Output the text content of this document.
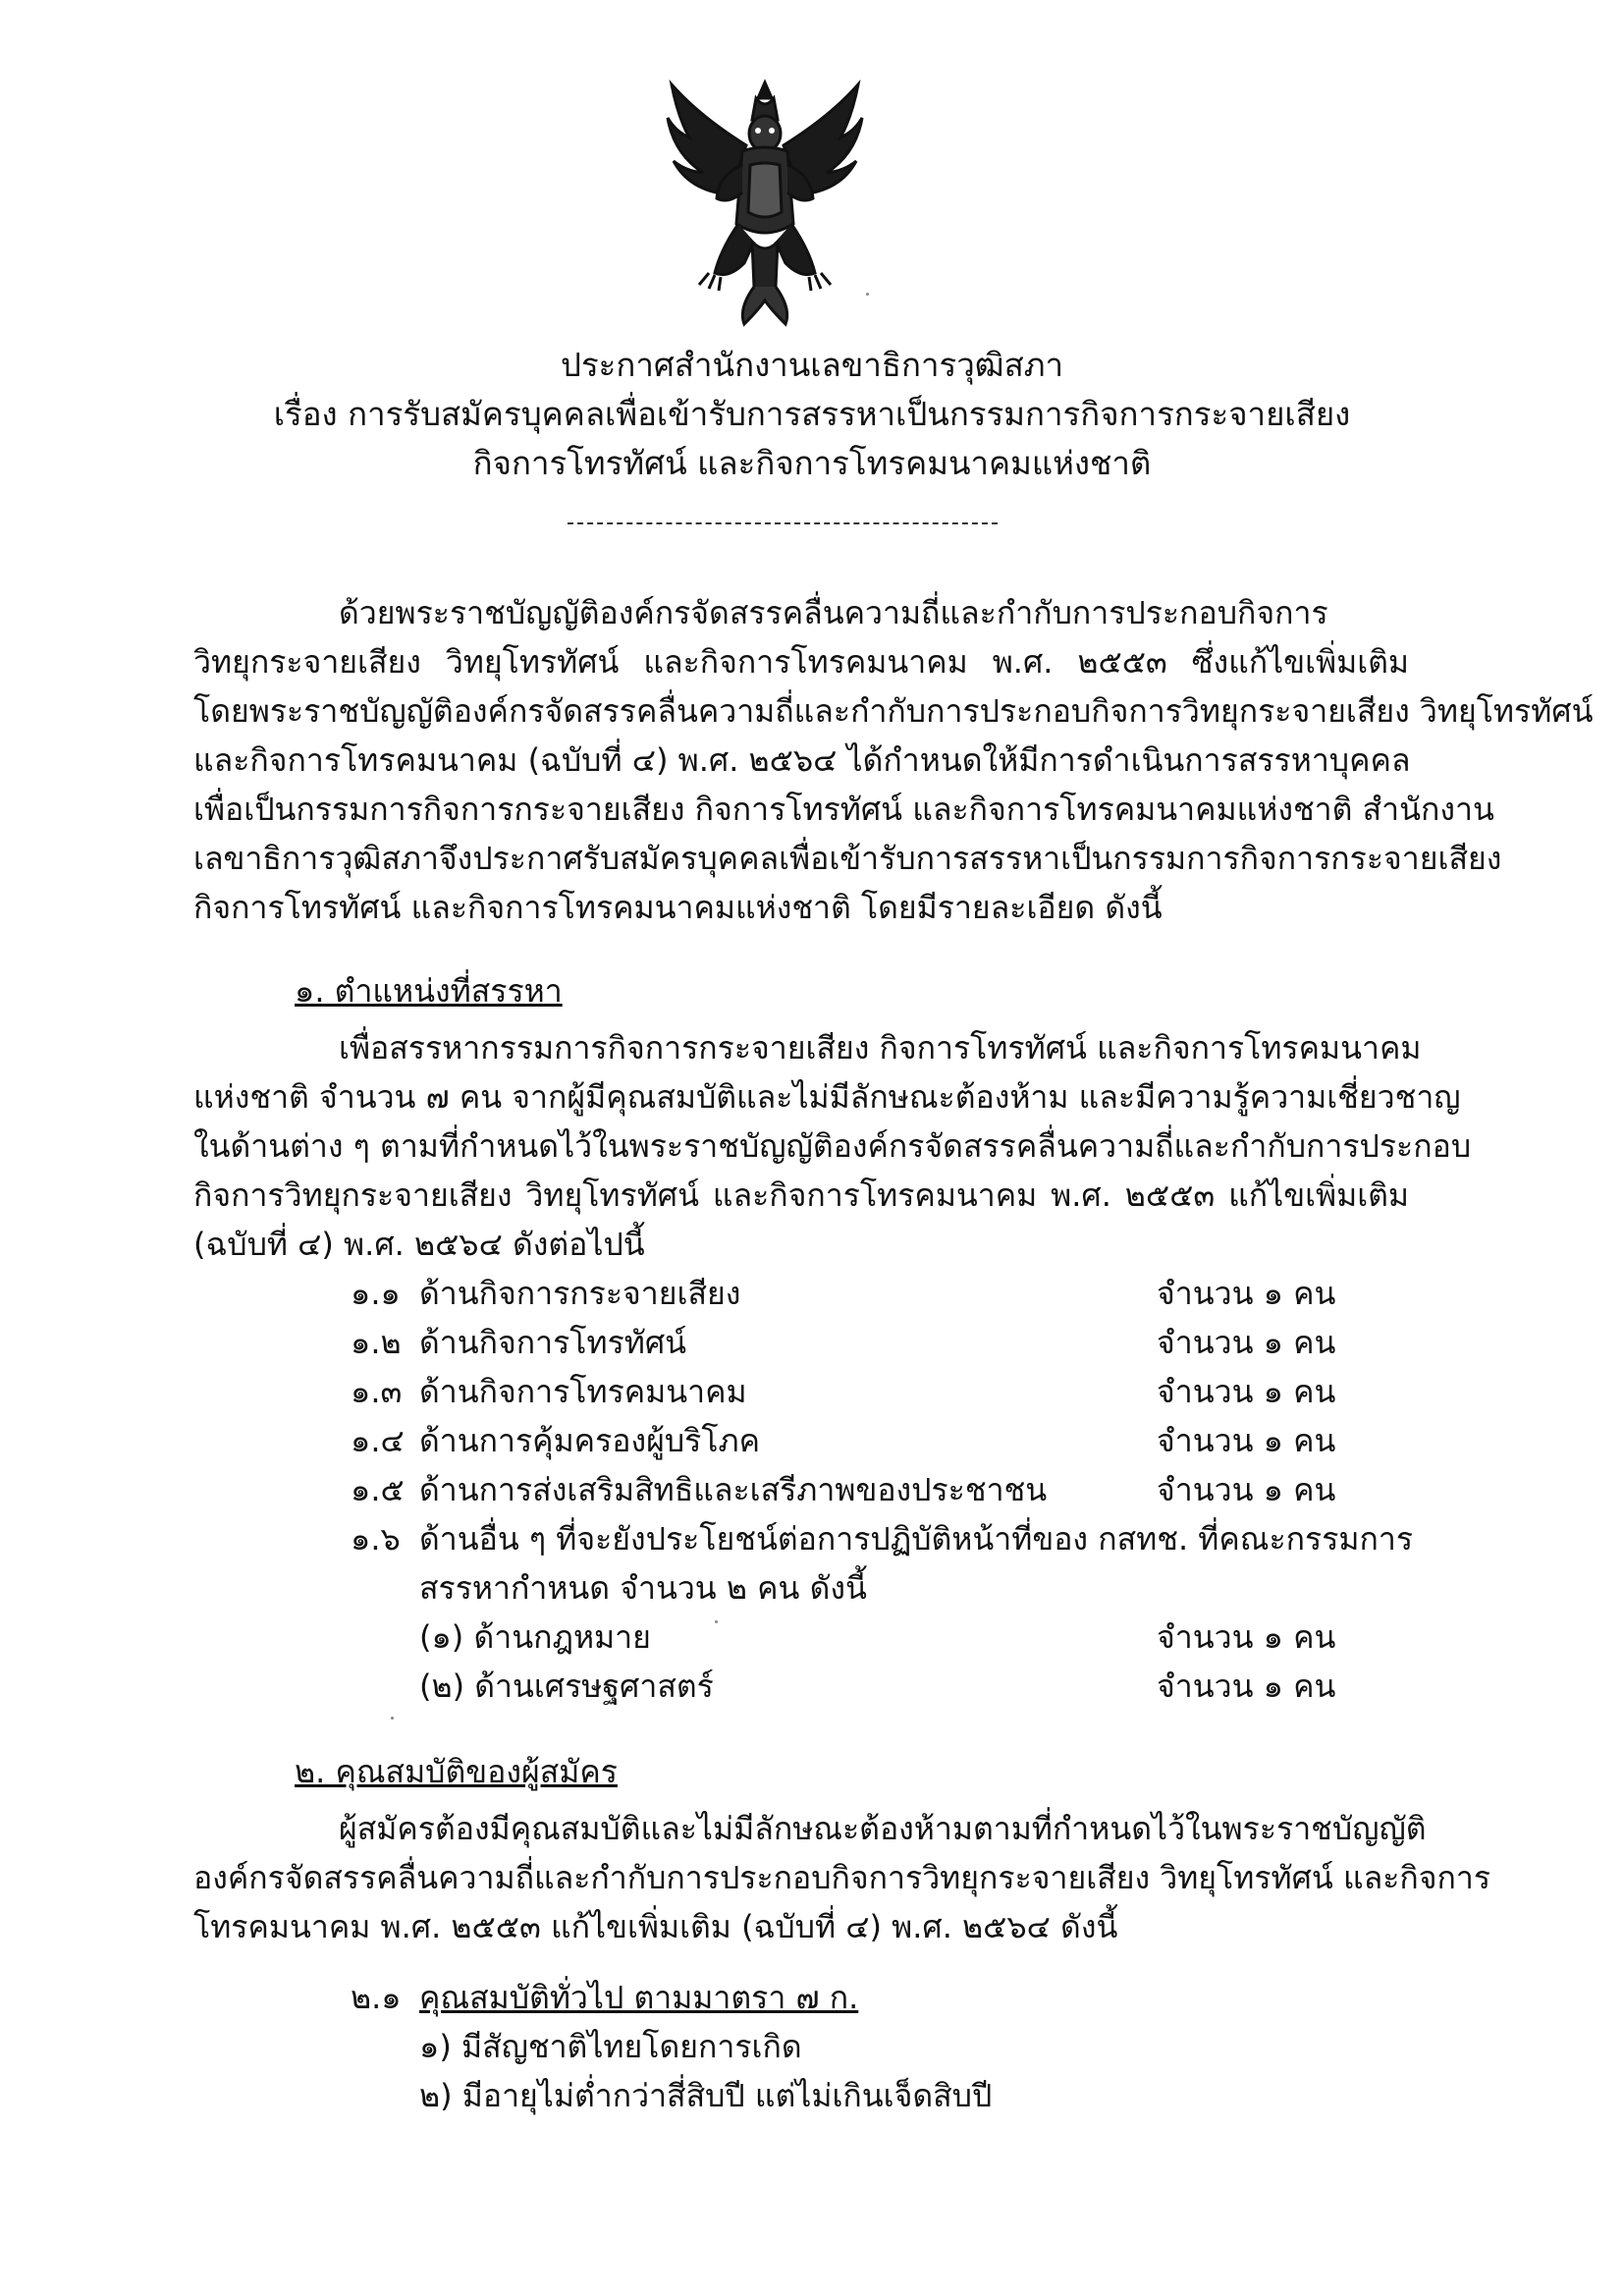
ประกาศสำนักงานเลขาธิการวุฒิสภา
เรื่อง การรับสมัครบุคคลเพื่อเข้ารับการสรรหาเป็นกรรมการกิจการกระจายเสียง
กิจการโทรทัศน์ และกิจการโทรคมนาคมแห่งชาติ
ด้วยพระราชบัญญัติองค์กรจัดสรรคลื่นความถี่และกำกับการประกอบกิจการ
วิทยุกระจายเสียง วิทยุโทรทัศน์ และกิจการโทรคมนาคม พ.ศ. ๒๕๕๓ ซึ่งแก้ไขเพิ่มเติม
โดยพระราชบัญญัติองค์กรจัดสรรคลื่นความถี่และกำกับการประกอบกิจการวิทยุกระจายเสียง วิทยุโทรทัศน์
และกิจการโทรคมนาคม (ฉบับที่ ๔) พ.ศ. ๒๕๖๔ ได้กำหนดให้มีการดำเนินการสรรหาบุคคล
เพื่อเป็นกรรมการกิจการกระจายเสียง กิจการโทรทัศน์ และกิจการโทรคมนาคมแห่งชาติ สำนักงาน
เลขาธิการวุฒิสภาจึงประกาศรับสมัครบุคคลเพื่อเข้ารับการสรรหาเป็นกรรมการกิจการกระจายเสียง
กิจการโทรทัศน์ และกิจการโทรคมนาคมแห่งชาติ โดยมีรายละเอียด ดังนี้
๑. ตำแหน่งที่สรรหา
เพื่อสรรหากรรมการกิจการกระจายเสียง กิจการโทรทัศน์ และกิจการโทรคมนาคม
แห่งชาติ จำนวน ๗ คน จากผู้มีคุณสมบัติและไม่มีลักษณะต้องห้าม และมีความรู้ความเชี่ยวชาญ
ในด้านต่าง ๆ ตามที่กำหนดไว้ในพระราชบัญญัติองค์กรจัดสรรคลื่นความถี่และกำกับการประกอบ
กิจการวิทยุกระจายเสียง วิทยุโทรทัศน์ และกิจการโทรคมนาคม พ.ศ. ๒๕๕๓ แก้ไขเพิ่มเติม
(ฉบับที่ ๔) พ.ศ. ๒๕๖๔ ดังต่อไปนี้
๑.๑ ด้านกิจการกระจายเสียง	จำนวน ๑ คน
๑.๒ ด้านกิจการโทรทัศน์	จำนวน ๑ คน
๑.๓ ด้านกิจการโทรคมนาคม	จำนวน ๑ คน
๑.๔ ด้านการคุ้มครองผู้บริโภค	จำนวน ๑ คน
๑.๕ ด้านการส่งเสริมสิทธิและเสรีภาพของประชาชน	จำนวน ๑ คน
๑.๖ ด้านอื่น ๆ ที่จะยังประโยชน์ต่อการปฏิบัติหน้าที่ของ กสทช. ที่คณะกรรมการ
สรรหากำหนด จำนวน ๒ คน ดังนี้
(๑) ด้านกฎหมาย	จำนวน ๑ คน
(๒) ด้านเศรษฐศาสตร์	จำนวน ๑ คน
๒. คุณสมบัติของผู้สมัคร
ผู้สมัครต้องมีคุณสมบัติและไม่มีลักษณะต้องห้ามตามที่กำหนดไว้ในพระราชบัญญัติ
องค์กรจัดสรรคลื่นความถี่และกำกับการประกอบกิจการวิทยุกระจายเสียง วิทยุโทรทัศน์ และกิจการ
โทรคมนาคม พ.ศ. ๒๕๕๓ แก้ไขเพิ่มเติม (ฉบับที่ ๔) พ.ศ. ๒๕๖๔ ดังนี้
๒.๑ คุณสมบัติทั่วไป ตามมาตรา ๗ ก.
๑) มีสัญชาติไทยโดยการเกิด
๒) มีอายุไม่ต่ำกว่าสี่สิบปี แต่ไม่เกินเจ็ดสิบปี
